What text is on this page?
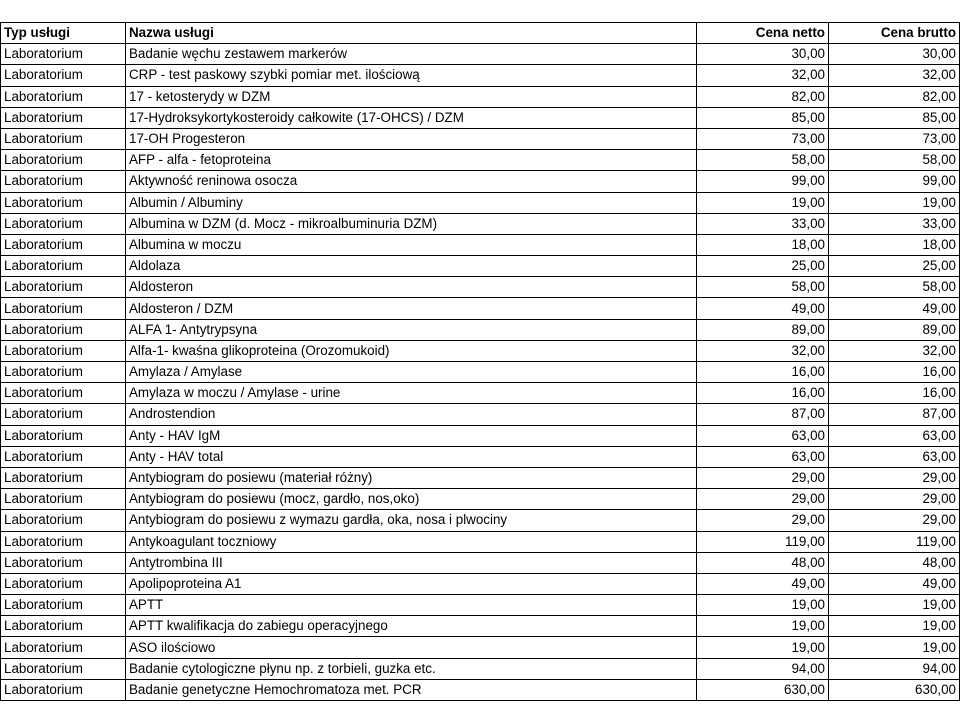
Typ usługi	Nazwa usługi	Cena netto	Cena brutto
Laboratorium	Badanie węchu zestawem markerów	30,00	30,00
Laboratorium	CRP - test paskowy szybki pomiar met. ilościową	32,00	32,00
Laboratorium	17 - ketosterydy w DZM	82,00	82,00
Laboratorium	17-Hydroksykortykosteroidy całkowite (17-OHCS) / DZM	85,00	85,00
Laboratorium	17-OH Progesteron	73,00	73,00
Laboratorium	AFP - alfa - fetoproteina	58,00	58,00
Laboratorium	Aktywność reninowa osocza	99,00	99,00
Laboratorium	Albumin / Albuminy	19,00	19,00
Laboratorium	Albumina w DZM (d. Mocz - mikroalbuminuria DZM)	33,00	33,00
Laboratorium	Albumina w moczu	18,00	18,00
Laboratorium	Aldolaza	25,00	25,00
Laboratorium	Aldosteron	58,00	58,00
Laboratorium	Aldosteron / DZM	49,00	49,00
Laboratorium	ALFA 1- Antytrypsyna	89,00	89,00
Laboratorium	Alfa-1- kwaśna glikoproteina (Orozomukoid)	32,00	32,00
Laboratorium	Amylaza / Amylase	16,00	16,00
Laboratorium	Amylaza w moczu / Amylase - urine	16,00	16,00
Laboratorium	Androstendion	87,00	87,00
Laboratorium	Anty - HAV IgM	63,00	63,00
Laboratorium	Anty - HAV total	63,00	63,00
Laboratorium	Antybiogram do posiewu (materiał różny)	29,00	29,00
Laboratorium	Antybiogram do posiewu (mocz, gardło, nos,oko)	29,00	29,00
Laboratorium	Antybiogram do posiewu z wymazu gardła, oka, nosa i plwociny	29,00	29,00
Laboratorium	Antykoagulant toczniowy	119,00	119,00
Laboratorium	Antytrombina III	48,00	48,00
Laboratorium	Apolipoproteina A1	49,00	49,00
Laboratorium	APTT	19,00	19,00
Laboratorium	APTT kwalifikacja do zabiegu operacyjnego	19,00	19,00
Laboratorium	ASO ilościowo	19,00	19,00
Laboratorium	Badanie cytologiczne płynu np. z torbieli, guzka etc.	94,00	94,00
Laboratorium	Badanie genetyczne Hemochromatoza met. PCR	630,00	630,00
